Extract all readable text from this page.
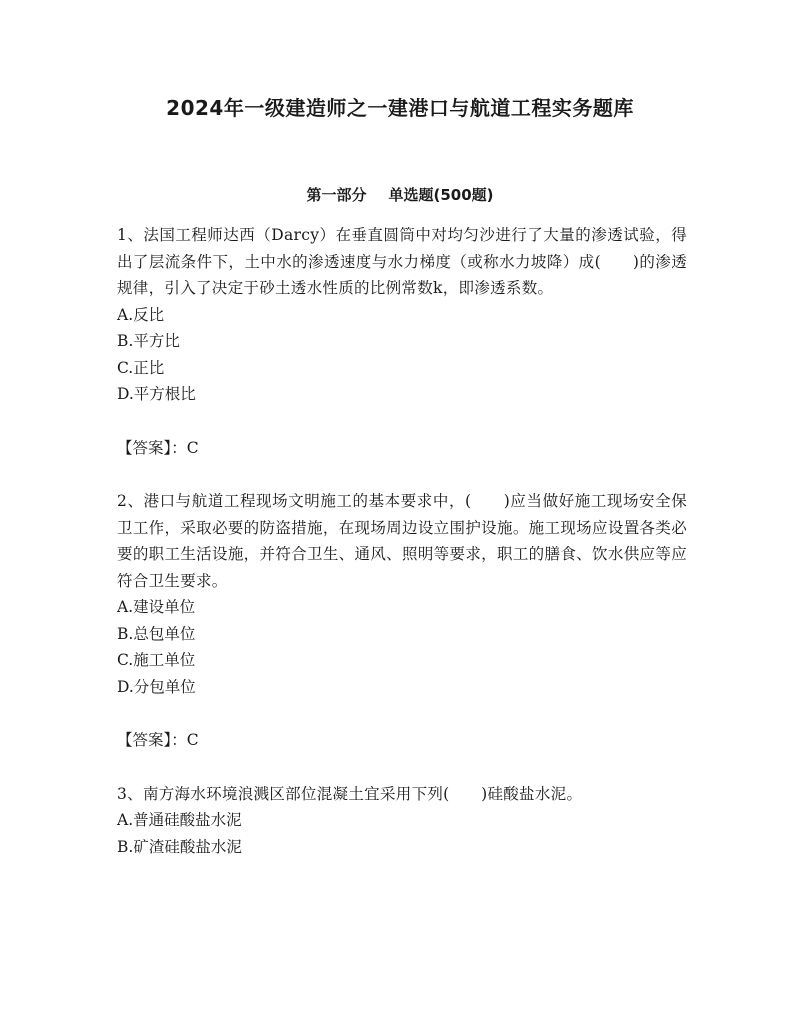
2024年一级建造师之一建港口与航道工程实务题库
第一部分 单选题(500题)

1、法国工程师达西（Darcy）在垂直圆筒中对均匀沙进行了大量的渗透试验，得出了层流条件下，土中水的渗透速度与水力梯度（或称水力坡降）成(　　)的渗透规律，引入了决定于砂土透水性质的比例常数k，即渗透系数。

A.反比
B.平方比
C.正比
D.平方根比

【答案】：C

2、港口与航道工程现场文明施工的基本要求中，(　　)应当做好施工现场安全保卫工作，采取必要的防盗措施，在现场周边设立围护设施。施工现场应设置各类必要的职工生活设施，并符合卫生、通风、照明等要求，职工的膳食、饮水供应等应符合卫生要求。

A.建设单位
B.总包单位
C.施工单位
D.分包单位

【答案】：C

3、南方海水环境浪溅区部位混凝土宜采用下列(　　)硅酸盐水泥。

A.普通硅酸盐水泥
B.矿渣硅酸盐水泥
